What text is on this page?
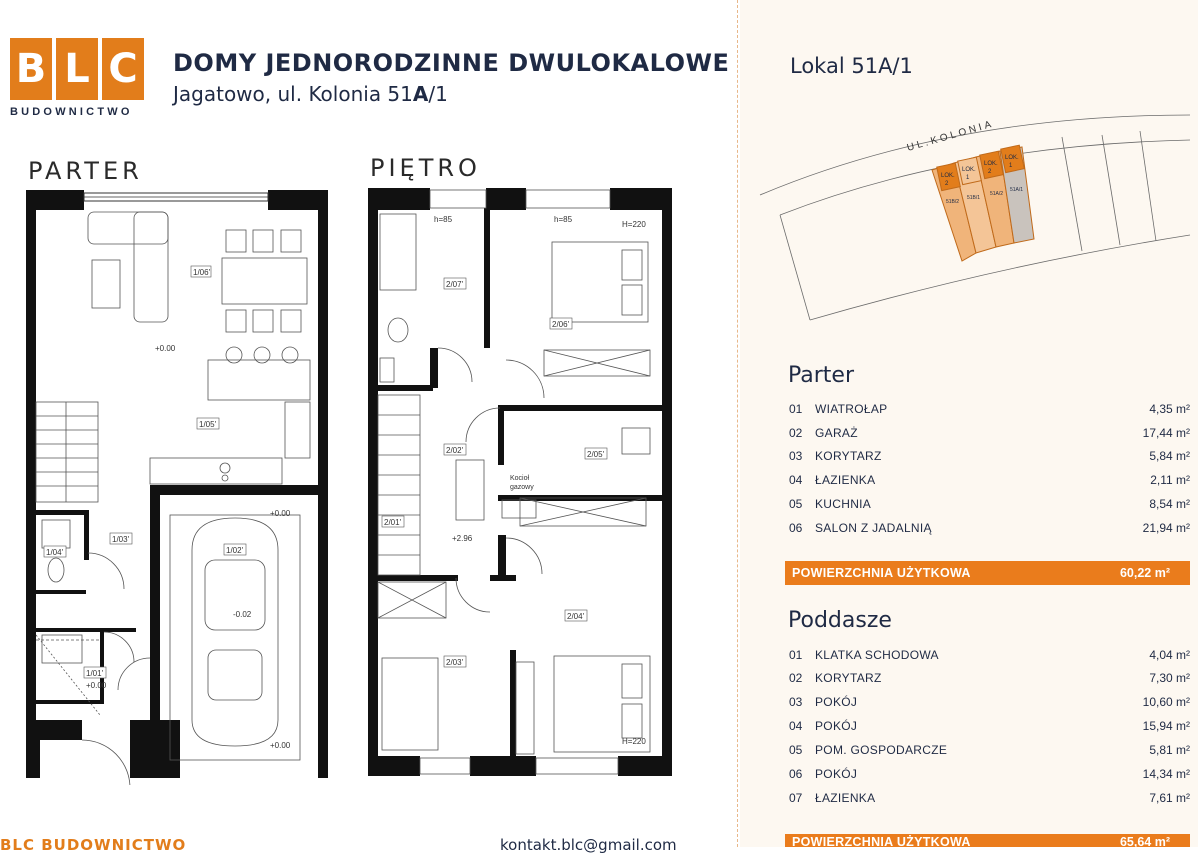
B L C
BUDOWNICTWO
DOMY JEDNORODZINNE DWULOKALOWE
Jagatowo, ul. Kolonia 51A/1
PARTER	PIĘTRO
1/06'
1/05'
1/04'
1/03'
1/02'
1/01'
+0.00
+0.00
-0.02
+0.00
+0.00
2/07'
2/06'
2/02'	2/05'
2/01'
2/03'
2/04'
h=85	h=85
H=220
H=220
+2.96
Kocioł
gazowy
Lokal 51A/1
LOK.
2
LOK.
1
LOK.
2
LOK.
1
51B/2
51B/1
51A/2
51A/1
UL.KOLONIA
Parter
01 WIATROŁAP	4,35 m²
02 GARAŻ	17,44 m²
03 KORYTARZ	5,84 m²
04 ŁAZIENKA	2,11 m²
05 KUCHNIA	8,54 m²
06 SALON Z JADALNIĄ	21,94 m²
POWIERZCHNIA UŻYTKOWA	60,22 m²
Poddasze
01 KLATKA SCHODOWA	4,04 m²
02 KORYTARZ	7,30 m²
03 POKÓJ	10,60 m²
04 POKÓJ	15,94 m²
05 POM. GOSPODARCZE	5,81 m²
06 POKÓJ	14,34 m²
07 ŁAZIENKA	7,61 m²
POWIERZCHNIA UŻYTKOWA	65,64 m²
BLC BUDOWNICTWO	kontakt.blc@gmail.com
